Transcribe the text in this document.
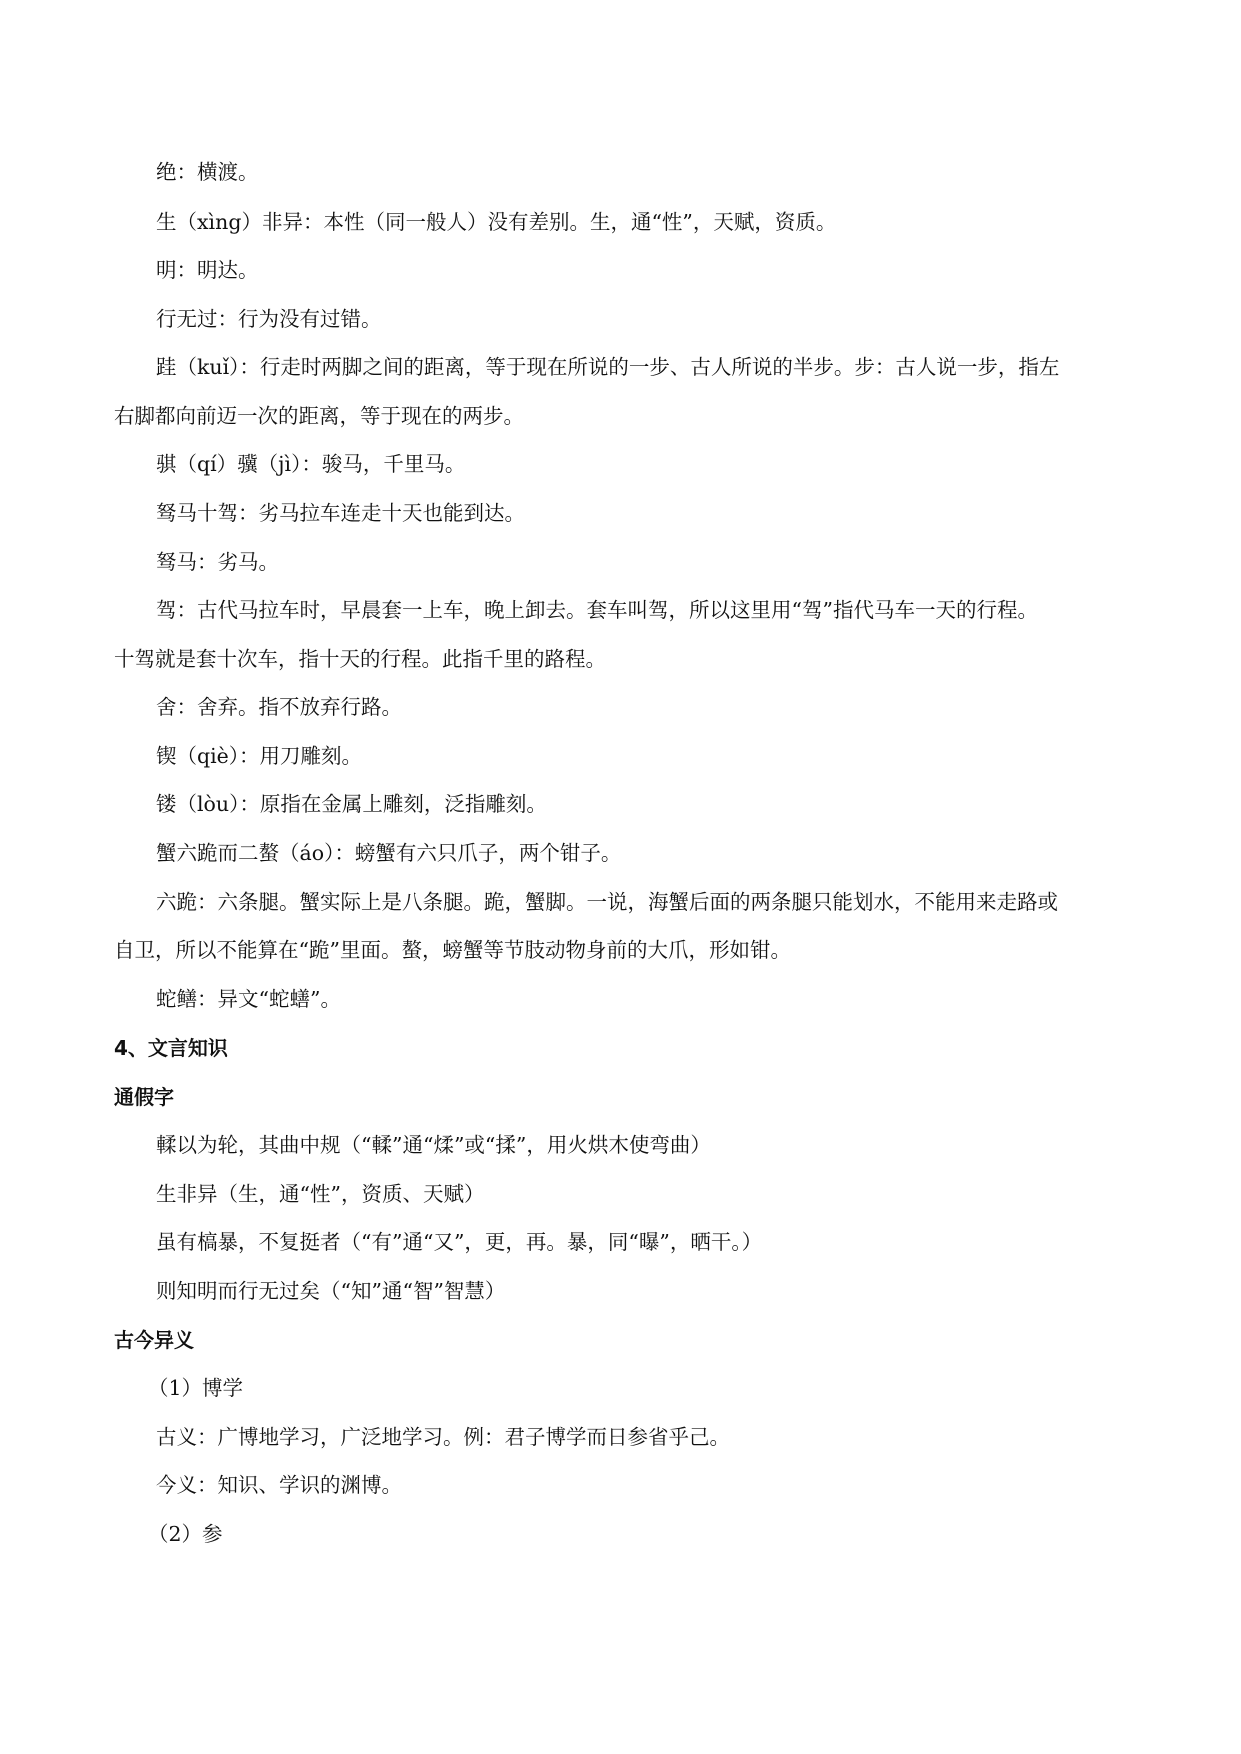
绝：横渡。
生（xìng）非异：本性（同一般人）没有差别。生，通“性”，天赋，资质。
明：明达。
行无过：行为没有过错。
跬（kuǐ）：行走时两脚之间的距离，等于现在所说的一步、古人所说的半步。步：古人说一步，指左
右脚都向前迈一次的距离，等于现在的两步。
骐（qí）骥（jì）：骏马，千里马。
驽马十驾：劣马拉车连走十天也能到达。
驽马：劣马。
驾：古代马拉车时，早晨套一上车，晚上卸去。套车叫驾，所以这里用“驾”指代马车一天的行程。
十驾就是套十次车，指十天的行程。此指千里的路程。
舍：舍弃。指不放弃行路。
锲（qiè）：用刀雕刻。
镂（lòu）：原指在金属上雕刻，泛指雕刻。
蟹六跪而二螯（áo）：螃蟹有六只爪子，两个钳子。
六跪：六条腿。蟹实际上是八条腿。跪，蟹脚。一说，海蟹后面的两条腿只能划水，不能用来走路或
自卫，所以不能算在“跪”里面。螯，螃蟹等节肢动物身前的大爪，形如钳。
蛇鳝：异文“蛇蟮”。
4、文言知识
通假字
輮以为轮，其曲中规（“輮”通“煣”或“揉”，用火烘木使弯曲）
生非异（生，通“性”，资质、天赋）
虽有槁暴，不复挺者（“有”通“又”，更，再。暴，同“曝”，晒干。）
则知明而行无过矣（“知”通“智”智慧）
古今异义
（1）博学
古义：广博地学习，广泛地学习。例：君子博学而日参省乎己。
今义：知识、学识的渊博。
（2）参
